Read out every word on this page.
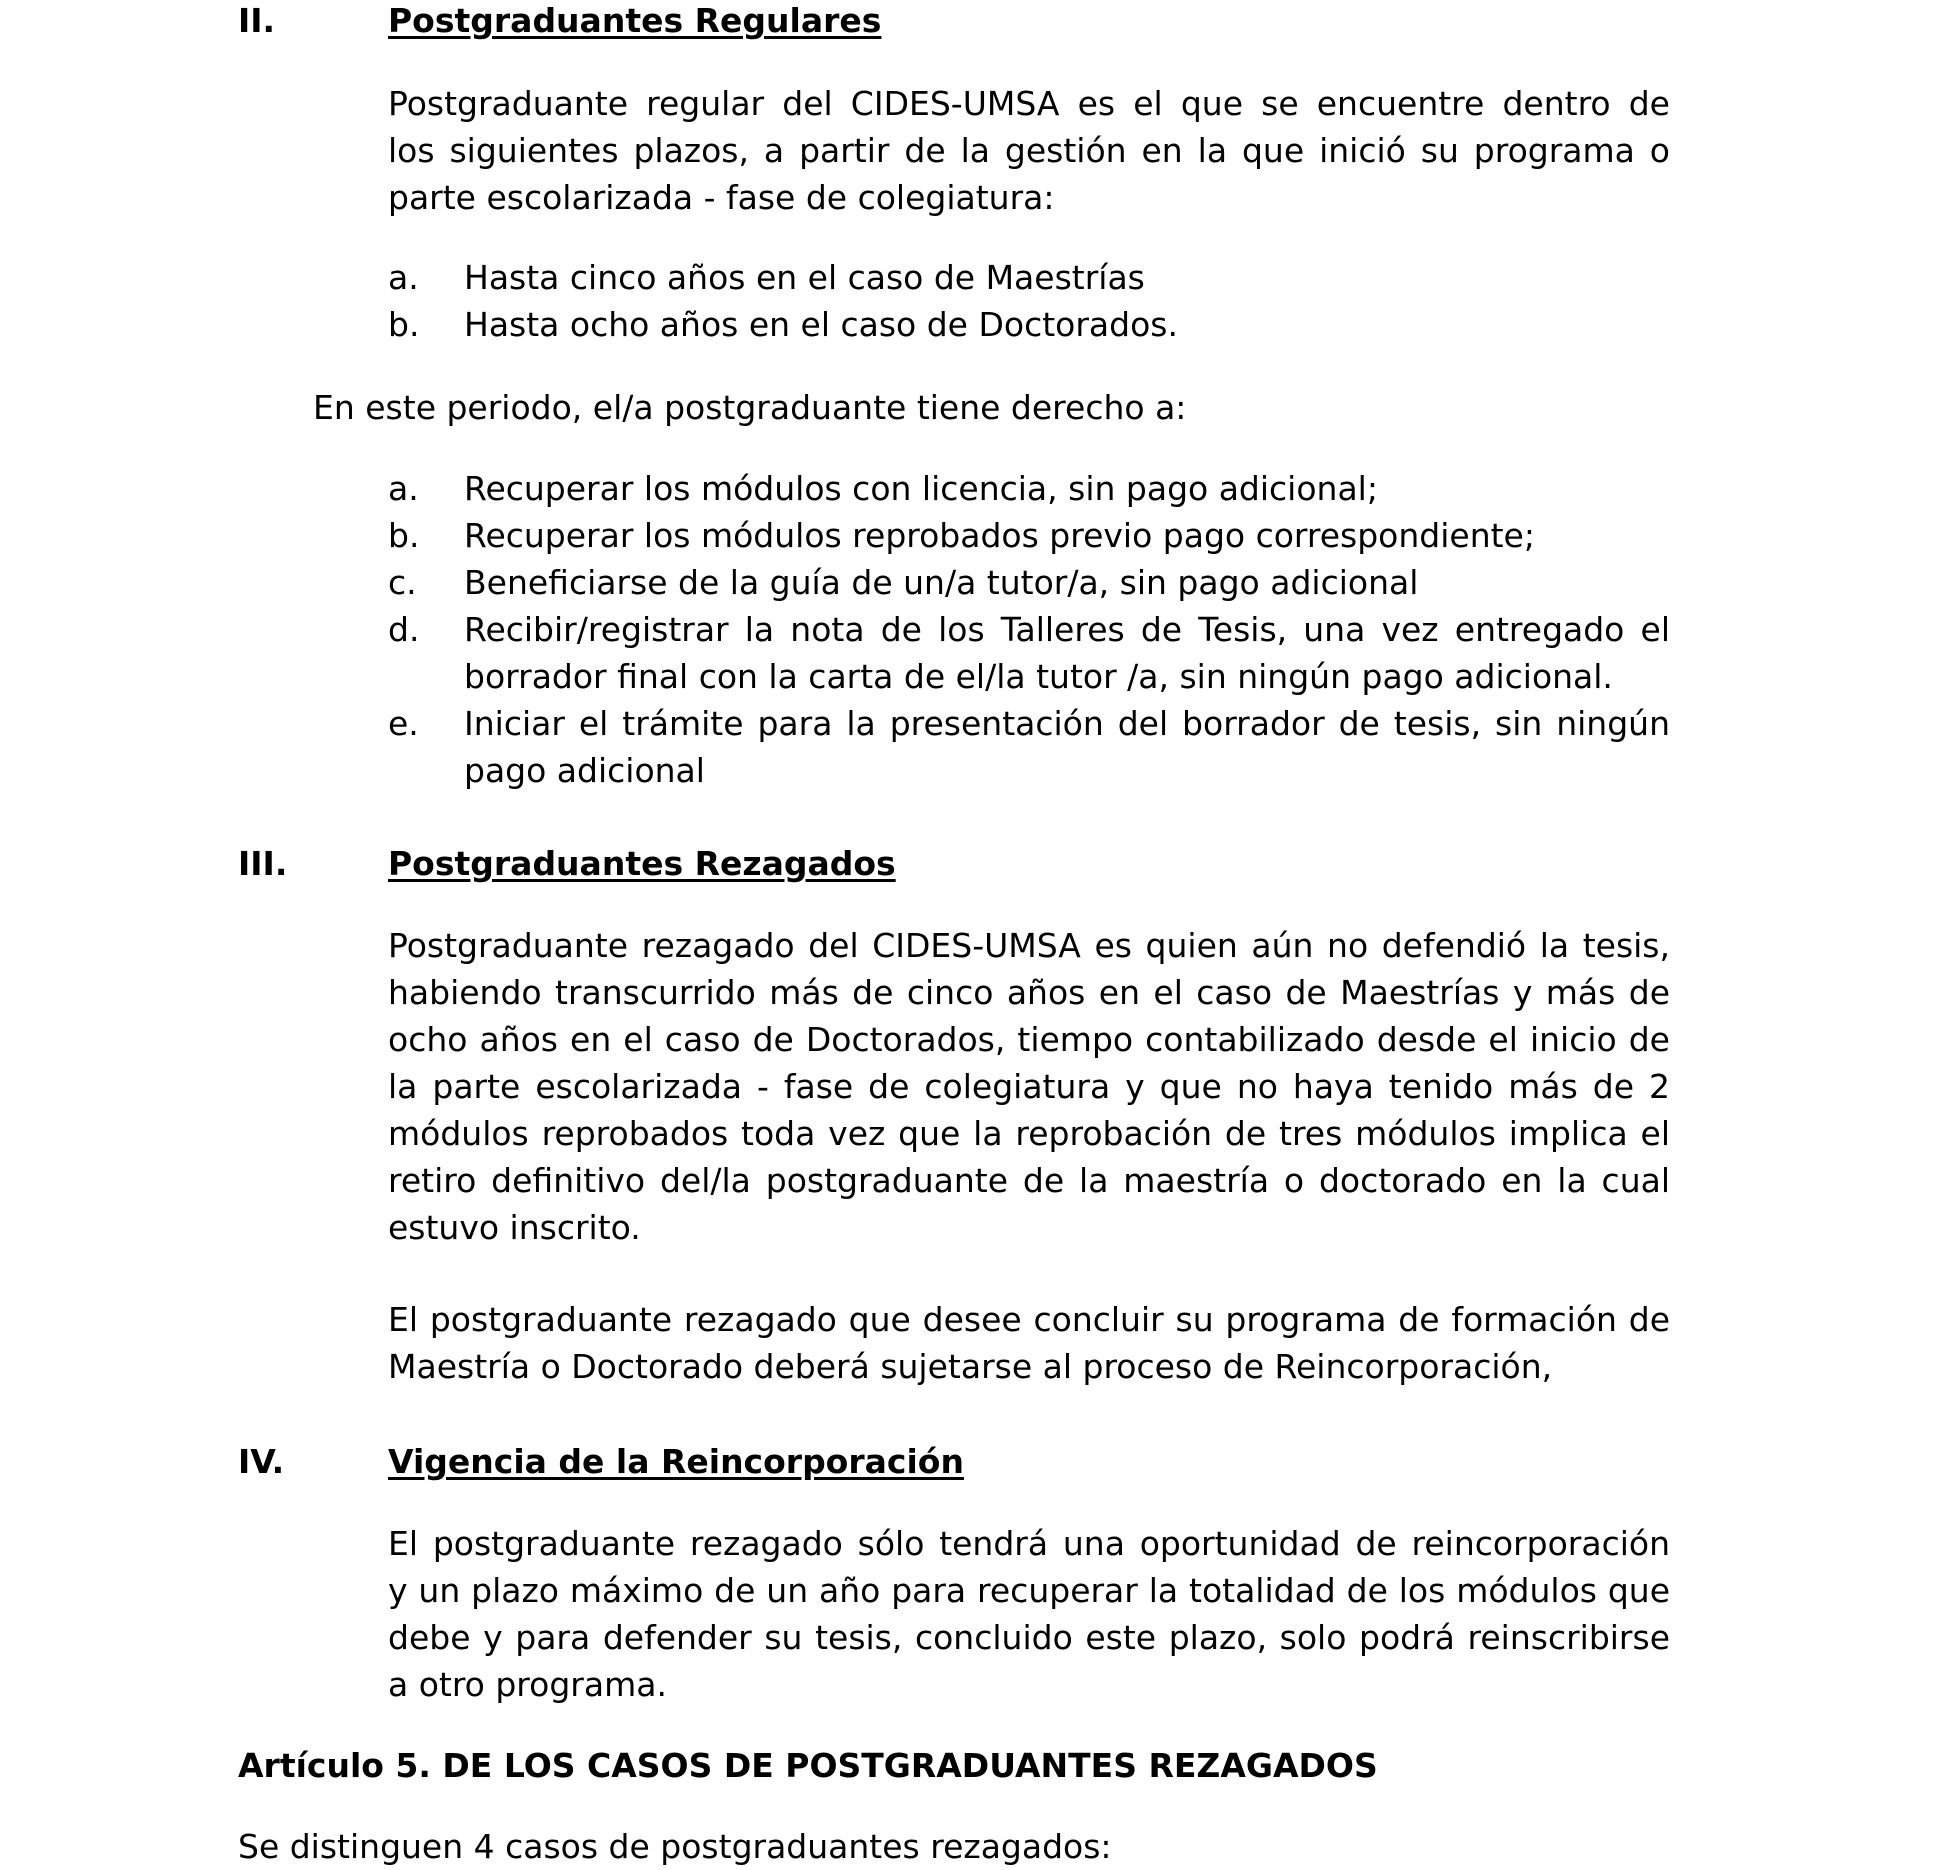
II.	Postgraduantes Regulares
Postgraduante regular del CIDES-UMSA es el que se encuentre dentro de
los siguientes plazos, a partir de la gestión en la que inició su programa o
parte escolarizada - fase de colegiatura:
a. Hasta cinco años en el caso de Maestrías
b. Hasta ocho años en el caso de Doctorados.
En este periodo, el/a postgraduante tiene derecho a:
a. Recuperar los módulos con licencia, sin pago adicional;
b. Recuperar los módulos reprobados previo pago correspondiente;
c. Beneficiarse de la guía de un/a tutor/a, sin pago adicional
d. Recibir/registrar la nota de los Talleres de Tesis, una vez entregado el
borrador final con la carta de el/la tutor /a, sin ningún pago adicional.
e. Iniciar el trámite para la presentación del borrador de tesis, sin ningún
pago adicional
III.	Postgraduantes Rezagados
Postgraduante rezagado del CIDES-UMSA es quien aún no defendió la tesis,
habiendo transcurrido más de cinco años en el caso de Maestrías y más de
ocho años en el caso de Doctorados, tiempo contabilizado desde el inicio de
la parte escolarizada - fase de colegiatura y que no haya tenido más de 2
módulos reprobados toda vez que la reprobación de tres módulos implica el
retiro definitivo del/la postgraduante de la maestría o doctorado en la cual
estuvo inscrito.
El postgraduante rezagado que desee concluir su programa de formación de
Maestría o Doctorado deberá sujetarse al proceso de Reincorporación,
IV.	Vigencia de la Reincorporación
El postgraduante rezagado sólo tendrá una oportunidad de reincorporación
y un plazo máximo de un año para recuperar la totalidad de los módulos que
debe y para defender su tesis, concluido este plazo, solo podrá reinscribirse
a otro programa.
Artículo 5. DE LOS CASOS DE POSTGRADUANTES REZAGADOS
Se distinguen 4 casos de postgraduantes rezagados:
